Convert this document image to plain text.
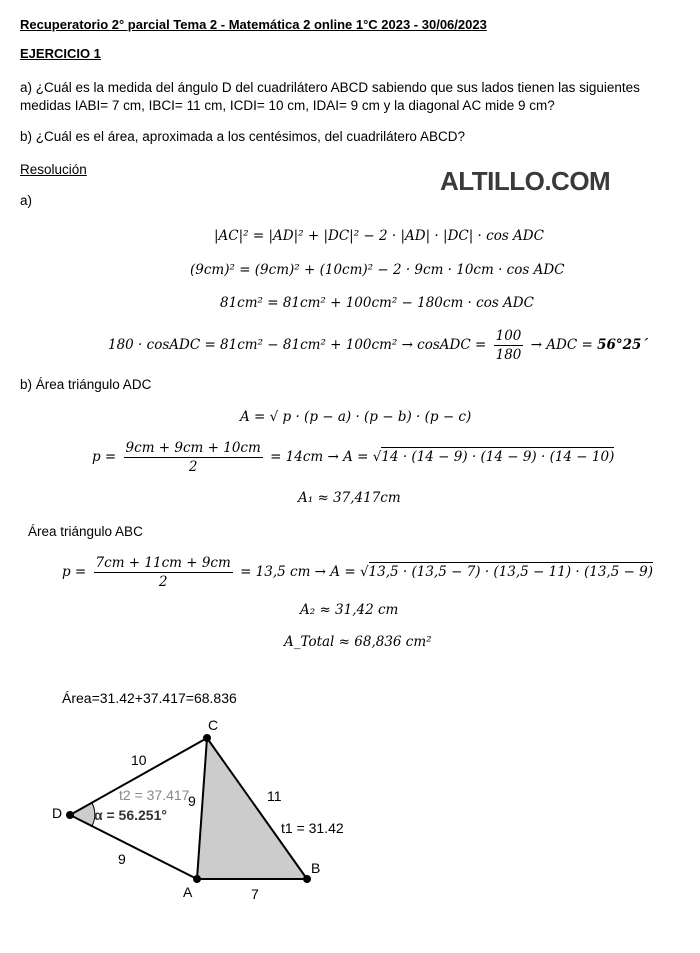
Recuperatorio 2° parcial Tema 2 - Matemática 2 online 1°C 2023 - 30/06/2023
EJERCICIO 1
a) ¿Cuál es la medida del ángulo D del cuadrilátero ABCD sabiendo que sus lados tienen las siguientes
medidas IABI= 7 cm, IBCI= 11 cm, ICDI= 10 cm, IDAI= 9 cm y la diagonal AC mide 9 cm?
b) ¿Cuál es el área, aproximada a los centésimos, del cuadrilátero ABCD?
Resolución	ALTILLO.COM
a)
|AC|² = |AD|² + |DC|² − 2 · |AD| · |DC| · cos ADC
(9cm)² = (9cm)² + (10cm)² − 2 · 9cm · 10cm · cos ADC
81cm² = 81cm² + 100cm² − 180cm · cos ADC
180 · cosADC = 81cm² − 81cm² + 100cm² → cosADC = $\frac{100}{180}$ → ADC = 56°25´
b) Área triángulo ADC
A = √ p · (p − a) · (p − b) · (p − c)
$p = \frac{9cm + 9cm + 10cm}{2} = 14cm \to A = √14 \cdot (14 - 9) \cdot (14 - 9) \cdot (14 - 10)$
A₁ ≈ 37,417cm
Área triángulo ABC
$p = \frac{7cm + 11cm + 9cm}{2} = 13,5$ cm → A = √13,5 · (13,5 − 7) · (13,5 − 11) · (13,5 − 9)
A₂ ≈ 31,42 cm
A_Total ≈ 68,836 cm²
Área=31.42+37.417=68.836
C
D
A
B
10
11
9
9
7
t2 = 37.417
t1 = 31.42
α = 56.251°
